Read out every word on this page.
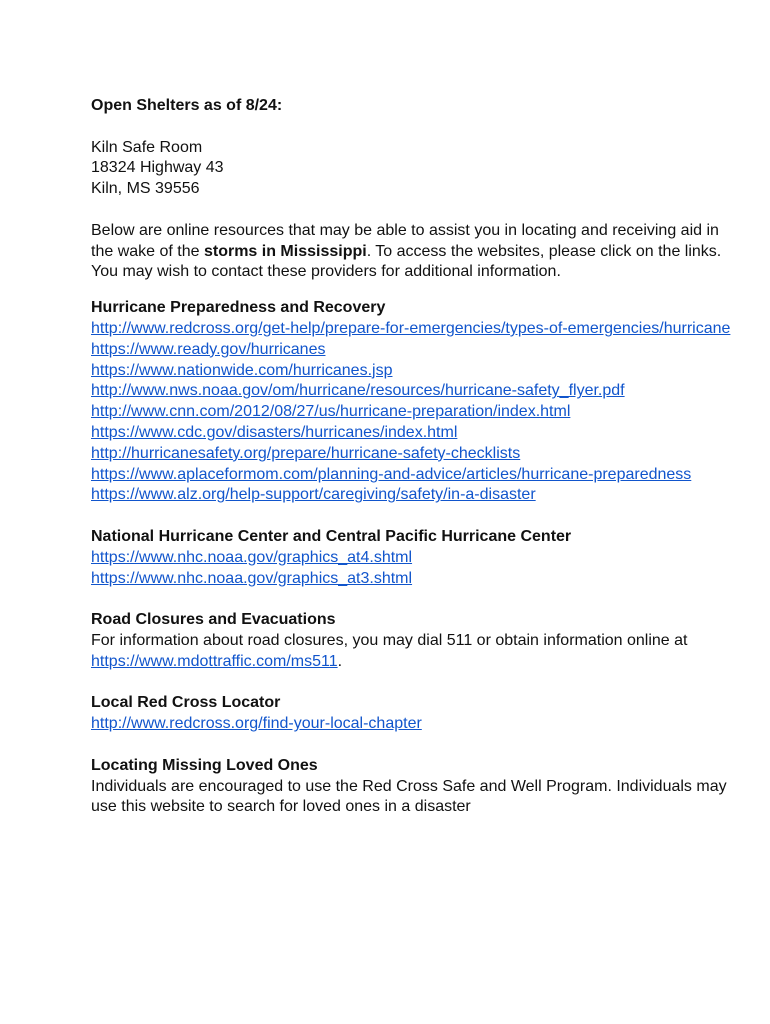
Open Shelters as of 8/24:

Kiln Safe Room

18324 Highway 43

Kiln, MS 39556

Below are online resources that may be able to assist you in locating and receiving aid in the wake of the storms in Mississippi. To access the websites, please click on the links. You may wish to contact these providers for additional information.

Hurricane Preparedness and Recovery

http://www.redcross.org/get-help/prepare-for-emergencies/types-of-emergencies/hurricane
https://www.ready.gov/hurricanes
https://www.nationwide.com/hurricanes.jsp
http://www.nws.noaa.gov/om/hurricane/resources/hurricane-safety_flyer.pdf
http://www.cnn.com/2012/08/27/us/hurricane-preparation/index.html
https://www.cdc.gov/disasters/hurricanes/index.html
http://hurricanesafety.org/prepare/hurricane-safety-checklists
https://www.aplaceformom.com/planning-and-advice/articles/hurricane-preparedness
https://www.alz.org/help-support/caregiving/safety/in-a-disaster

National Hurricane Center and Central Pacific Hurricane Center

https://www.nhc.noaa.gov/graphics_at4.shtml
https://www.nhc.noaa.gov/graphics_at3.shtml

Road Closures and Evacuations

For information about road closures, you may dial 511 or obtain information online at https://www.mdottraffic.com/ms511.

Local Red Cross Locator

http://www.redcross.org/find-your-local-chapter

Locating Missing Loved Ones

Individuals are encouraged to use the Red Cross Safe and Well Program. Individuals may use this website to search for loved ones in a disaster
